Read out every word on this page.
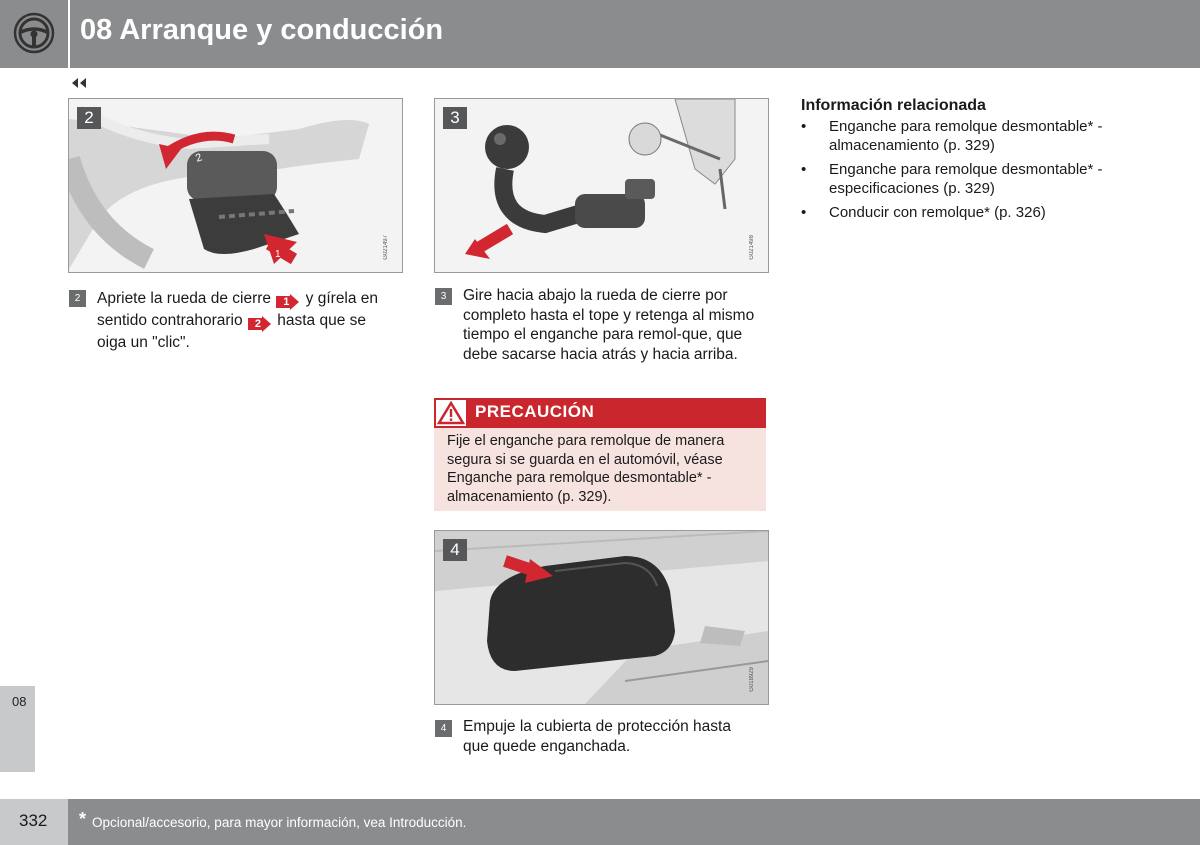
08 Arranque y conducción
2
1
2
G021497
3
G021498
4
G018929
2	Apriete la rueda de cierre 1 y gírela en sentido contrahorario 2 hasta que se oiga un "clic".
3	Gire hacia abajo la rueda de cierre por completo hasta el tope y retenga al mismo tiempo el enganche para remol-que, que debe sacarse hacia atrás y hacia arriba.
PRECAUCIÓN
Fije el enganche para remolque de manera segura si se guarda en el automóvil, véase Enganche para remolque desmontable* - almacenamiento (p. 329).
4	Empuje la cubierta de protección hasta que quede enganchada.
Información relacionada
• Enganche para remolque desmontable* - almacenamiento (p. 329)
• Enganche para remolque desmontable* - especificaciones (p. 329)
• Conducir con remolque* (p. 326)
08
332 * Opcional/accesorio, para mayor información, vea Introducción.
